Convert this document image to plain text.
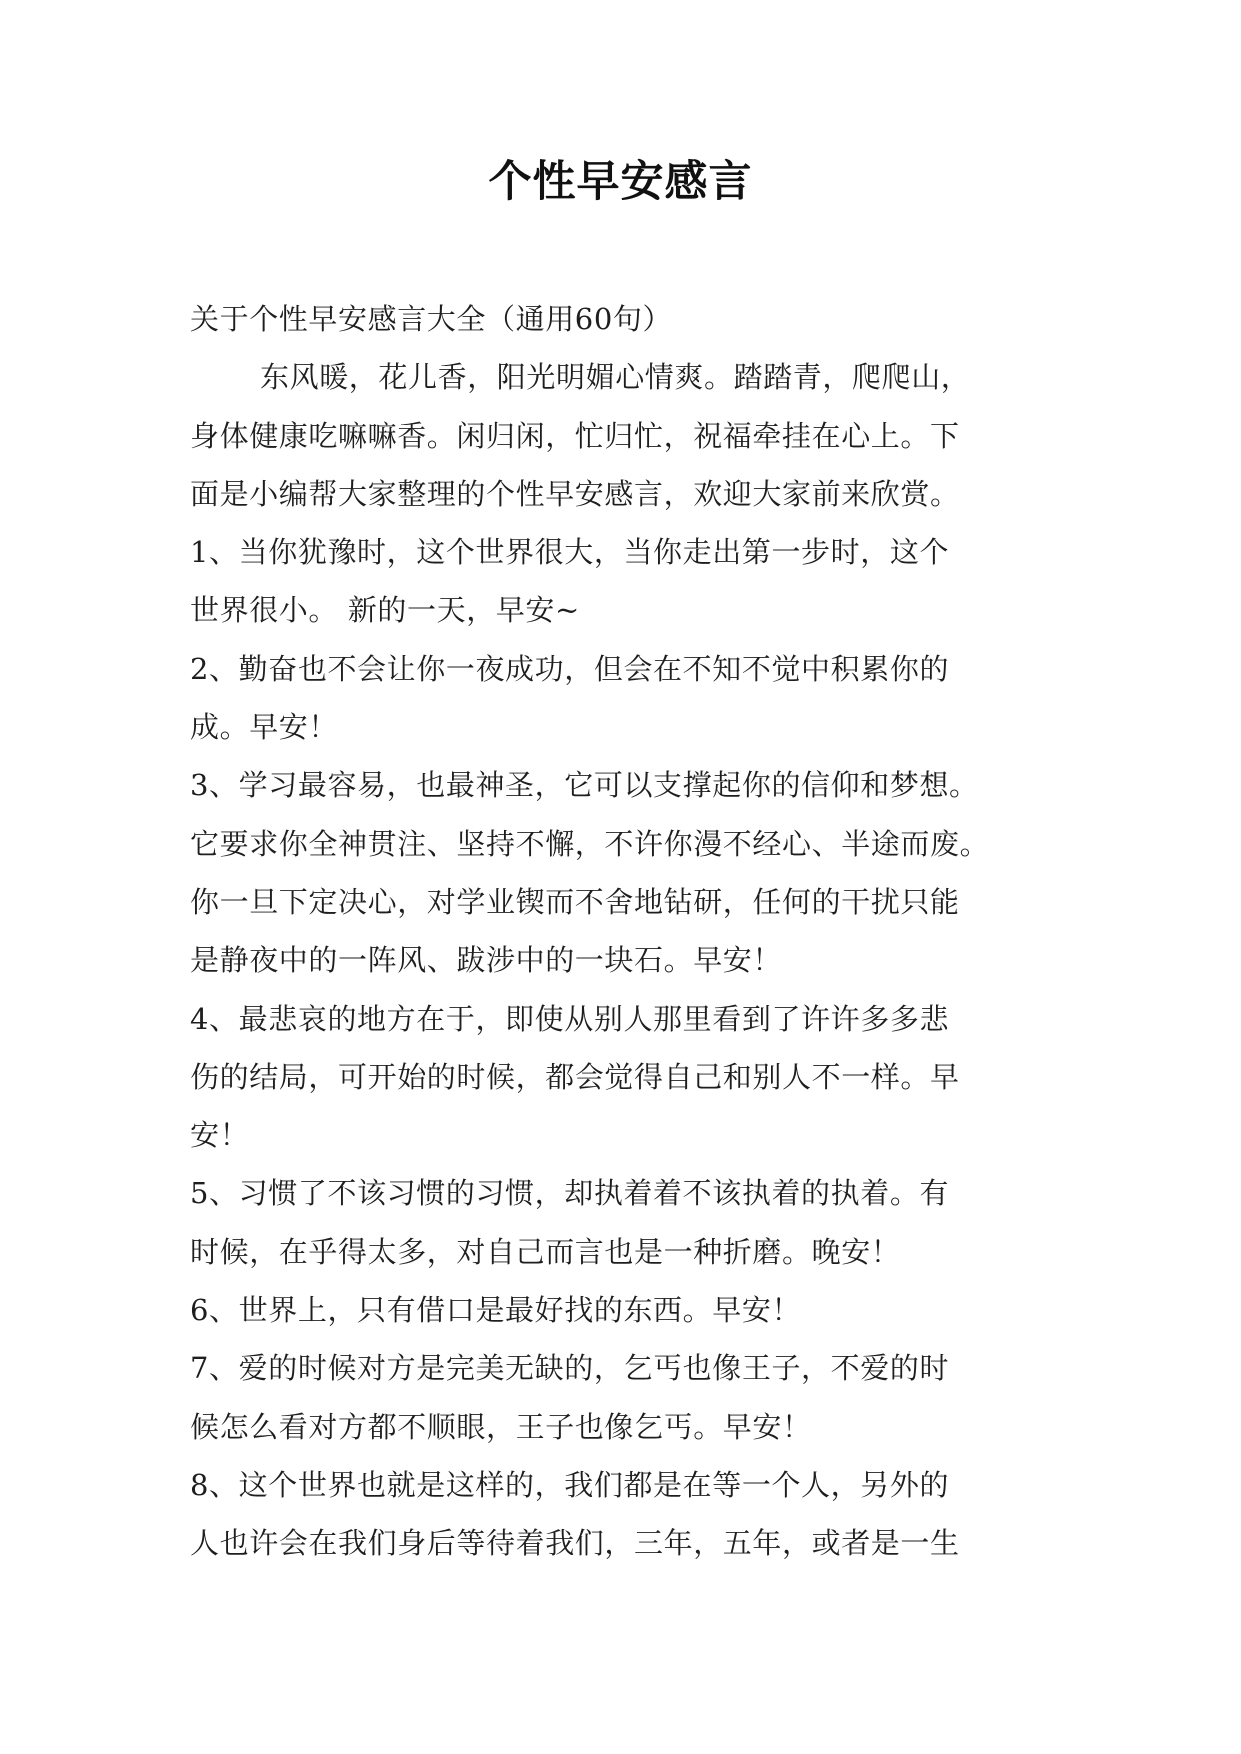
个性早安感言
关于个性早安感言大全（通用60句）
东风暖，花儿香，阳光明媚心情爽。踏踏青，爬爬山，
身体健康吃嘛嘛香。闲归闲，忙归忙，祝福牵挂在心上。下
面是小编帮大家整理的个性早安感言，欢迎大家前来欣赏。
1、当你犹豫时，这个世界很大，当你走出第一步时，这个
世界很小。 新的一天，早安~
2、勤奋也不会让你一夜成功，但会在不知不觉中积累你的
成。早安！
3、学习最容易，也最神圣，它可以支撑起你的信仰和梦想。
它要求你全神贯注、坚持不懈，不许你漫不经心、半途而废。
你一旦下定决心，对学业锲而不舍地钻研，任何的干扰只能
是静夜中的一阵风、跋涉中的一块石。早安！
4、最悲哀的地方在于，即使从别人那里看到了许许多多悲
伤的结局，可开始的时候，都会觉得自己和别人不一样。早
安！
5、习惯了不该习惯的习惯，却执着着不该执着的执着。有
时候，在乎得太多，对自己而言也是一种折磨。晚安！
6、世界上，只有借口是最好找的东西。早安！
7、爱的时候对方是完美无缺的，乞丐也像王子，不爱的时
候怎么看对方都不顺眼，王子也像乞丐。早安！
8、这个世界也就是这样的，我们都是在等一个人，另外的
人也许会在我们身后等待着我们，三年，五年，或者是一生
